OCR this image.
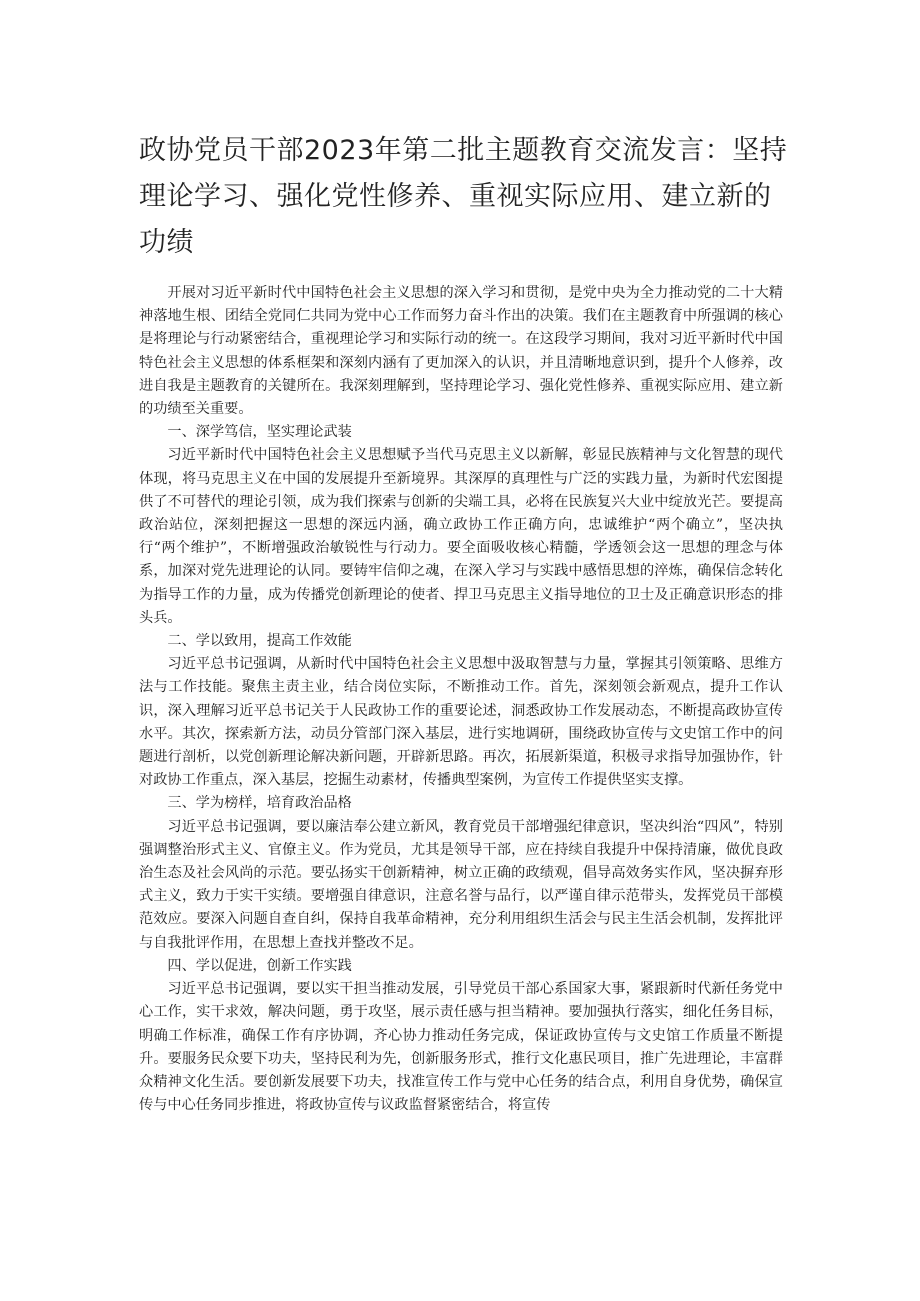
政协党员干部2023年第二批主题教育交流发言：坚持理论学习、强化党性修养、重视实际应用、建立新的功绩

开展对习近平新时代中国特色社会主义思想的深入学习和贯彻，是党中央为全力推动党的二十大精神落地生根、团结全党同仁共同为党中心工作而努力奋斗作出的决策。我们在主题教育中所强调的核心是将理论与行动紧密结合，重视理论学习和实际行动的统一。在这段学习期间，我对习近平新时代中国特色社会主义思想的体系框架和深刻内涵有了更加深入的认识，并且清晰地意识到，提升个人修养，改进自我是主题教育的关键所在。我深刻理解到，坚持理论学习、强化党性修养、重视实际应用、建立新的功绩至关重要。

一、深学笃信，坚实理论武装

习近平新时代中国特色社会主义思想赋予当代马克思主义以新解，彰显民族精神与文化智慧的现代体现，将马克思主义在中国的发展提升至新境界。其深厚的真理性与广泛的实践力量，为新时代宏图提供了不可替代的理论引领，成为我们探索与创新的尖端工具，必将在民族复兴大业中绽放光芒。要提高政治站位，深刻把握这一思想的深远内涵，确立政协工作正确方向，忠诚维护“两个确立”，坚决执行“两个维护”，不断增强政治敏锐性与行动力。要全面吸收核心精髓，学透领会这一思想的理念与体系，加深对党先进理论的认同。要铸牢信仰之魂，在深入学习与实践中感悟思想的淬炼，确保信念转化为指导工作的力量，成为传播党创新理论的使者、捍卫马克思主义指导地位的卫士及正确意识形态的排头兵。

二、学以致用，提高工作效能

习近平总书记强调，从新时代中国特色社会主义思想中汲取智慧与力量，掌握其引领策略、思维方法与工作技能。聚焦主责主业，结合岗位实际，不断推动工作。首先，深刻领会新观点，提升工作认识，深入理解习近平总书记关于人民政协工作的重要论述，洞悉政协工作发展动态，不断提高政协宣传水平。其次，探索新方法，动员分管部门深入基层，进行实地调研，围绕政协宣传与文史馆工作中的问题进行剖析，以党创新理论解决新问题，开辟新思路。再次，拓展新渠道，积极寻求指导加强协作，针对政协工作重点，深入基层，挖掘生动素材，传播典型案例，为宣传工作提供坚实支撑。

三、学为榜样，培育政治品格

习近平总书记强调，要以廉洁奉公建立新风，教育党员干部增强纪律意识，坚决纠治“四风”，特别强调整治形式主义、官僚主义。作为党员，尤其是领导干部，应在持续自我提升中保持清廉，做优良政治生态及社会风尚的示范。要弘扬实干创新精神，树立正确的政绩观，倡导高效务实作风，坚决摒弃形式主义，致力于实干实绩。要增强自律意识，注意名誉与品行，以严谨自律示范带头，发挥党员干部模范效应。要深入问题自查自纠，保持自我革命精神，充分利用组织生活会与民主生活会机制，发挥批评与自我批评作用，在思想上查找并整改不足。

四、学以促进，创新工作实践

习近平总书记强调，要以实干担当推动发展，引导党员干部心系国家大事，紧跟新时代新任务党中心工作，实干求效，解决问题，勇于攻坚，展示责任感与担当精神。要加强执行落实，细化任务目标，明确工作标准，确保工作有序协调，齐心协力推动任务完成，保证政协宣传与文史馆工作质量不断提升。要服务民众要下功夫，坚持民利为先，创新服务形式，推行文化惠民项目，推广先进理论，丰富群众精神文化生活。要创新发展要下功夫，找准宣传工作与党中心任务的结合点，利用自身优势，确保宣传与中心任务同步推进，将政协宣传与议政监督紧密结合，将宣传
